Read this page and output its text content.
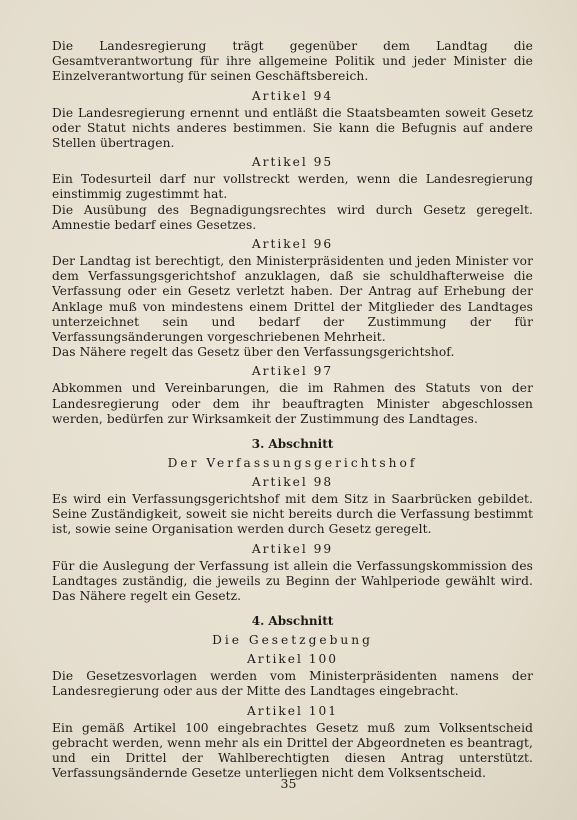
Die Landesregierung trägt gegenüber dem Landtag die Gesamtverantwortung für ihre allgemeine Politik und jeder Minister die Einzelverantwortung für seinen Geschäftsbereich.

Artikel 94

Die Landesregierung ernennt und entläßt die Staatsbeamten soweit Gesetz oder Statut nichts anderes bestimmen. Sie kann die Befugnis auf andere Stellen übertragen.

Artikel 95

Ein Todesurteil darf nur vollstreckt werden, wenn die Landesregierung einstimmig zugestimmt hat.

Die Ausübung des Begnadigungsrechtes wird durch Gesetz geregelt. Amnestie bedarf eines Gesetzes.

Artikel 96

Der Landtag ist berechtigt, den Ministerpräsidenten und jeden Minister vor dem Verfassungsgerichtshof anzuklagen, daß sie schuldhafterweise die Verfassung oder ein Gesetz verletzt haben. Der Antrag auf Erhebung der Anklage muß von mindestens einem Drittel der Mitglieder des Landtages unterzeichnet sein und bedarf der Zustimmung der für Verfassungsänderungen vorgeschriebenen Mehrheit.

Das Nähere regelt das Gesetz über den Verfassungsgerichtshof.

Artikel 97

Abkommen und Vereinbarungen, die im Rahmen des Statuts von der Landesregierung oder dem ihr beauftragten Minister abgeschlossen werden, bedürfen zur Wirksamkeit der Zustimmung des Landtages.

3. Abschnitt
Der Verfassungsgerichtshof
Artikel 98

Es wird ein Verfassungsgerichtshof mit dem Sitz in Saarbrücken gebildet. Seine Zuständigkeit, soweit sie nicht bereits durch die Verfassung bestimmt ist, sowie seine Organisation werden durch Gesetz geregelt.

Artikel 99

Für die Auslegung der Verfassung ist allein die Verfassungskommission des Landtages zuständig, die jeweils zu Beginn der Wahlperiode gewählt wird. Das Nähere regelt ein Gesetz.

4. Abschnitt
Die Gesetzgebung
Artikel 100

Die Gesetzesvorlagen werden vom Ministerpräsidenten namens der Landesregierung oder aus der Mitte des Landtages eingebracht.

Artikel 101

Ein gemäß Artikel 100 eingebrachtes Gesetz muß zum Volksentscheid gebracht werden, wenn mehr als ein Drittel der Abgeordneten es beantragt, und ein Drittel der Wahlberechtigten diesen Antrag unterstützt. Verfassungsändernde Gesetze unterliegen nicht dem Volksentscheid.

35
